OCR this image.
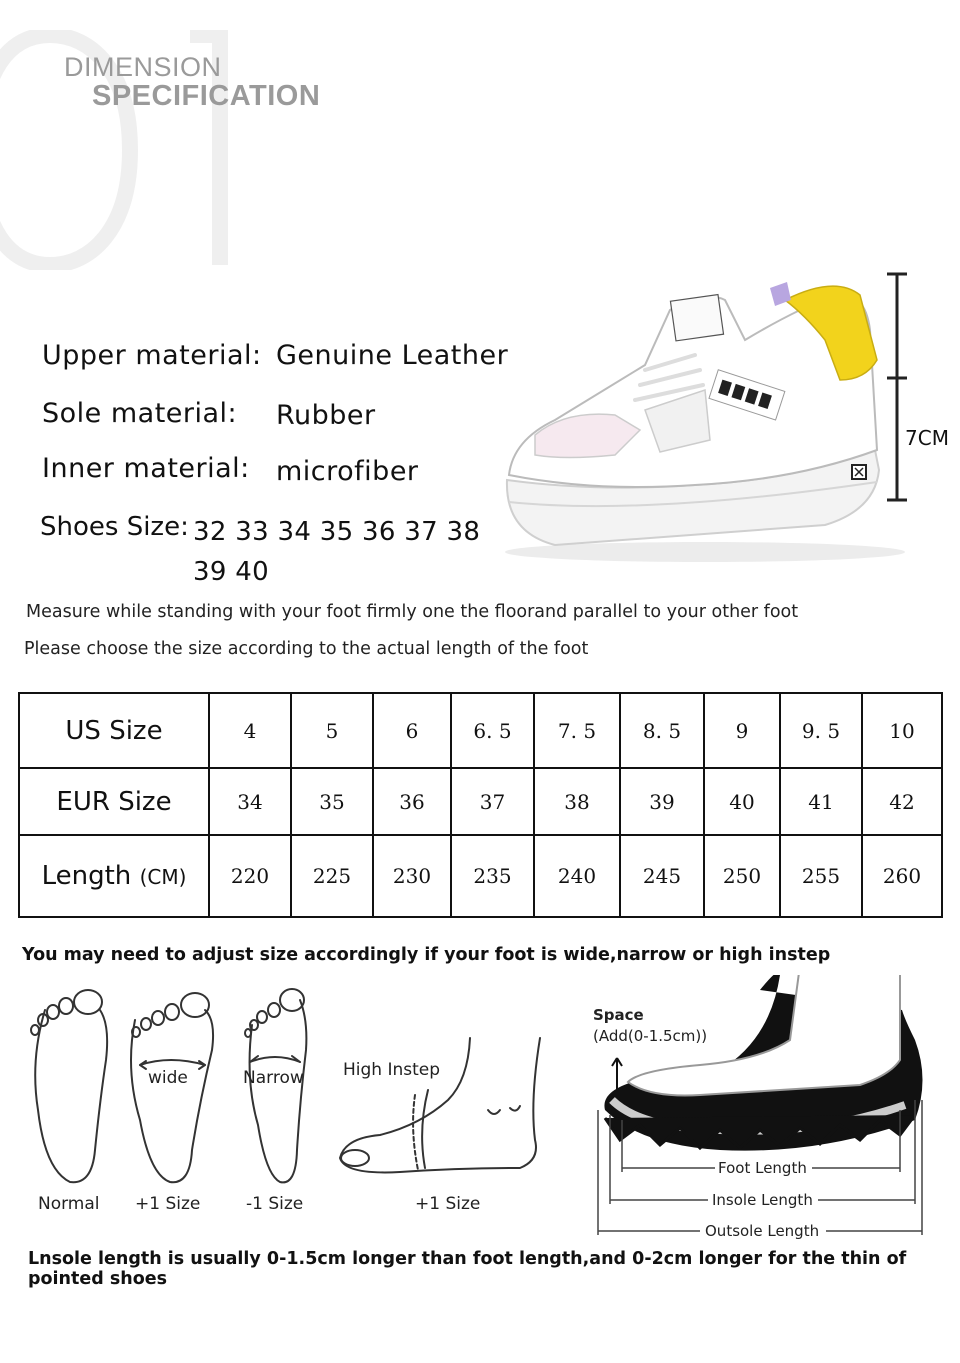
DIMENSION
SPECIFICATION
Upper material: Genuine Leather
Sole material: Rubber
Inner material: microfiber
Shoes Size: 32 33 34 35 36 37 38 39 40
7CM
Measure while standing with your foot firmly one the floorand parallel to your other foot
Please choose the size according to the actual length of the foot
US Size	4	5	6	6. 5	7. 5	8. 5	9	9. 5	10
EUR Size	34	35	36	37	38	39	40	41	42
Length (CM)	220	225	230	235	240	245	250	255	260
You may need to adjust size accordingly if your foot is wide,narrow or high instep
Normal
wide
+1 Size
Narrow
-1 Size
High Instep
+1 Size
Space
(Add(0-1.5cm))
Foot Length
Insole Length
Outsole Length
Lnsole length is usually 0-1.5cm longer than foot length,and 0-2cm longer for the thin of pointed shoes
